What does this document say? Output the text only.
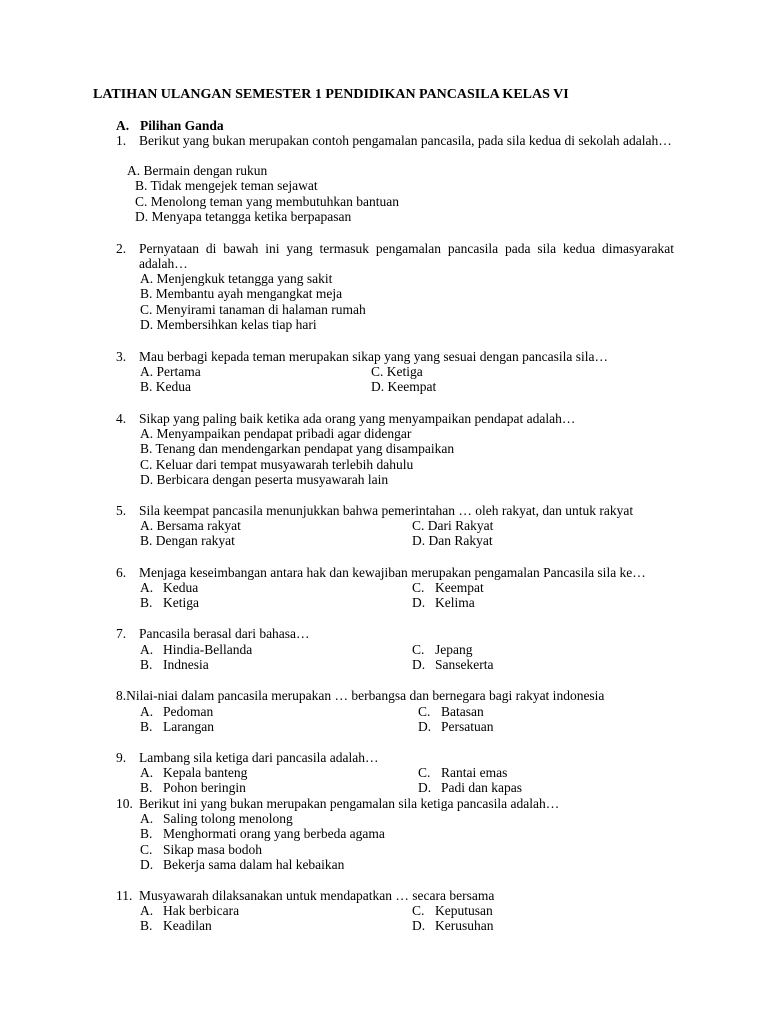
LATIHAN ULANGAN SEMESTER 1 PENDIDIKAN PANCASILA KELAS VI
A. Pilihan Ganda
1. Berikut yang bukan merupakan contoh pengamalan pancasila, pada sila kedua di sekolah adalah…
A. Bermain dengan rukun
B. Tidak mengejek teman sejawat
C. Menolong teman yang membutuhkan bantuan
D. Menyapa tetangga ketika berpapasan
2. Pernyataan di bawah ini yang termasuk pengamalan pancasila pada sila kedua dimasyarakat adalah…
A. Menjengkuk tetangga yang sakit
B. Membantu ayah mengangkat meja
C. Menyirami tanaman di halaman rumah
D. Membersihkan kelas tiap hari
3. Mau berbagi kepada teman merupakan sikap yang yang sesuai dengan pancasila sila…
A. Pertama
B. Kedua
C. Ketiga
D. Keempat
4. Sikap yang paling baik ketika ada orang yang menyampaikan pendapat adalah…
A. Menyampaikan pendapat pribadi agar didengar
B. Tenang dan mendengarkan pendapat yang disampaikan
C. Keluar dari tempat musyawarah terlebih dahulu
D. Berbicara dengan peserta musyawarah lain
5. Sila keempat pancasila menunjukkan bahwa pemerintahan … oleh rakyat, dan untuk rakyat
A. Bersama rakyat
B. Dengan rakyat
C. Dari Rakyat
D. Dan Rakyat
6. Menjaga keseimbangan antara hak dan kewajiban merupakan pengamalan Pancasila sila ke…
A. Kedua
B. Ketiga
C. Keempat
D. Kelima
7. Pancasila berasal dari bahasa…
A. Hindia-Bellanda
B. Indnesia
C. Jepang
D. Sansekerta
8.Nilai-niai dalam pancasila merupakan … berbangsa dan bernegara bagi rakyat indonesia
A. Pedoman
B. Larangan
C. Batasan
D. Persatuan
9. Lambang sila ketiga dari pancasila adalah…
A. Kepala banteng
B. Pohon beringin
C. Rantai emas
D. Padi dan kapas
10. Berikut ini yang bukan merupakan pengamalan sila ketiga pancasila adalah…
A. Saling tolong menolong
B. Menghormati orang yang berbeda agama
C. Sikap masa bodoh
D. Bekerja sama dalam hal kebaikan
11. Musyawarah dilaksanakan untuk mendapatkan … secara bersama
A. Hak berbicara
B. Keadilan
C. Keputusan
D. Kerusuhan
